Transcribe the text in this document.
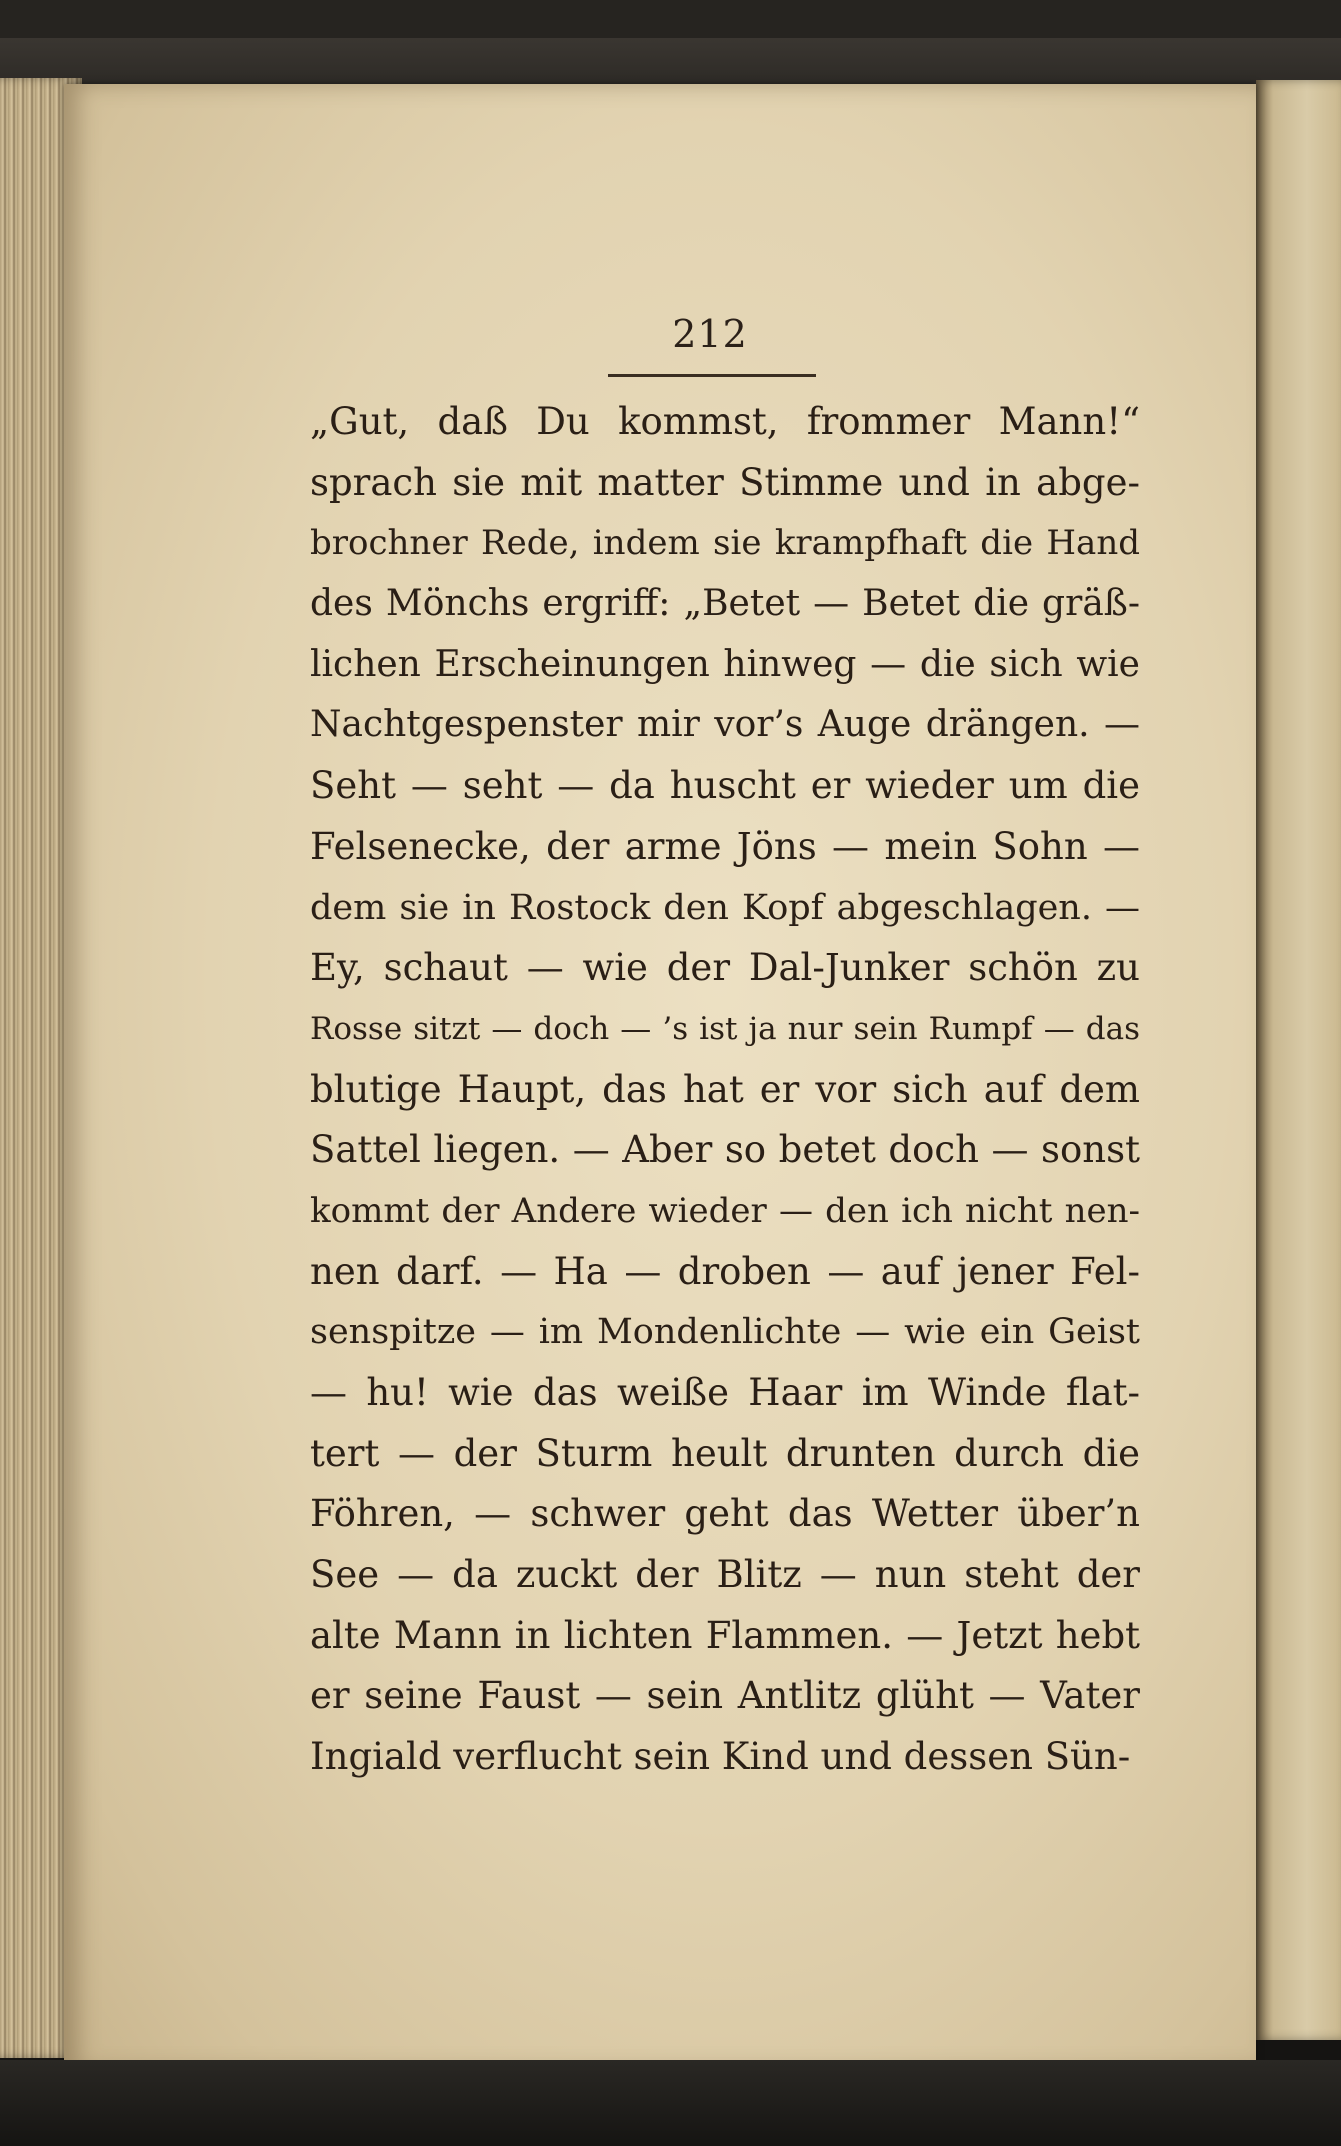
212
„Gut, daß Du kommst, frommer Mann!“
sprach sie mit matter Stimme und in abge-
brochner Rede, indem sie krampfhaft die Hand
des Mönchs ergriff: „Betet — Betet die gräß-
lichen Erscheinungen hinweg — die sich wie
Nachtgespenster mir vor’s Auge drängen. —
Seht — seht — da huscht er wieder um die
Felsenecke, der arme Jöns — mein Sohn —
dem sie in Rostock den Kopf abgeschlagen. —
Ey, schaut — wie der Dal-Junker schön zu
Rosse sitzt — doch — ’s ist ja nur sein Rumpf — das
blutige Haupt, das hat er vor sich auf dem
Sattel liegen. — Aber so betet doch — sonst
kommt der Andere wieder — den ich nicht nen-
nen darf. — Ha — droben — auf jener Fel-
senspitze — im Mondenlichte — wie ein Geist
— hu! wie das weiße Haar im Winde flat-
tert — der Sturm heult drunten durch die
Föhren, — schwer geht das Wetter über’n
See — da zuckt der Blitz — nun steht der
alte Mann in lichten Flammen. — Jetzt hebt
er seine Faust — sein Antlitz glüht — Vater
Ingiald verflucht sein Kind und dessen Sün-
